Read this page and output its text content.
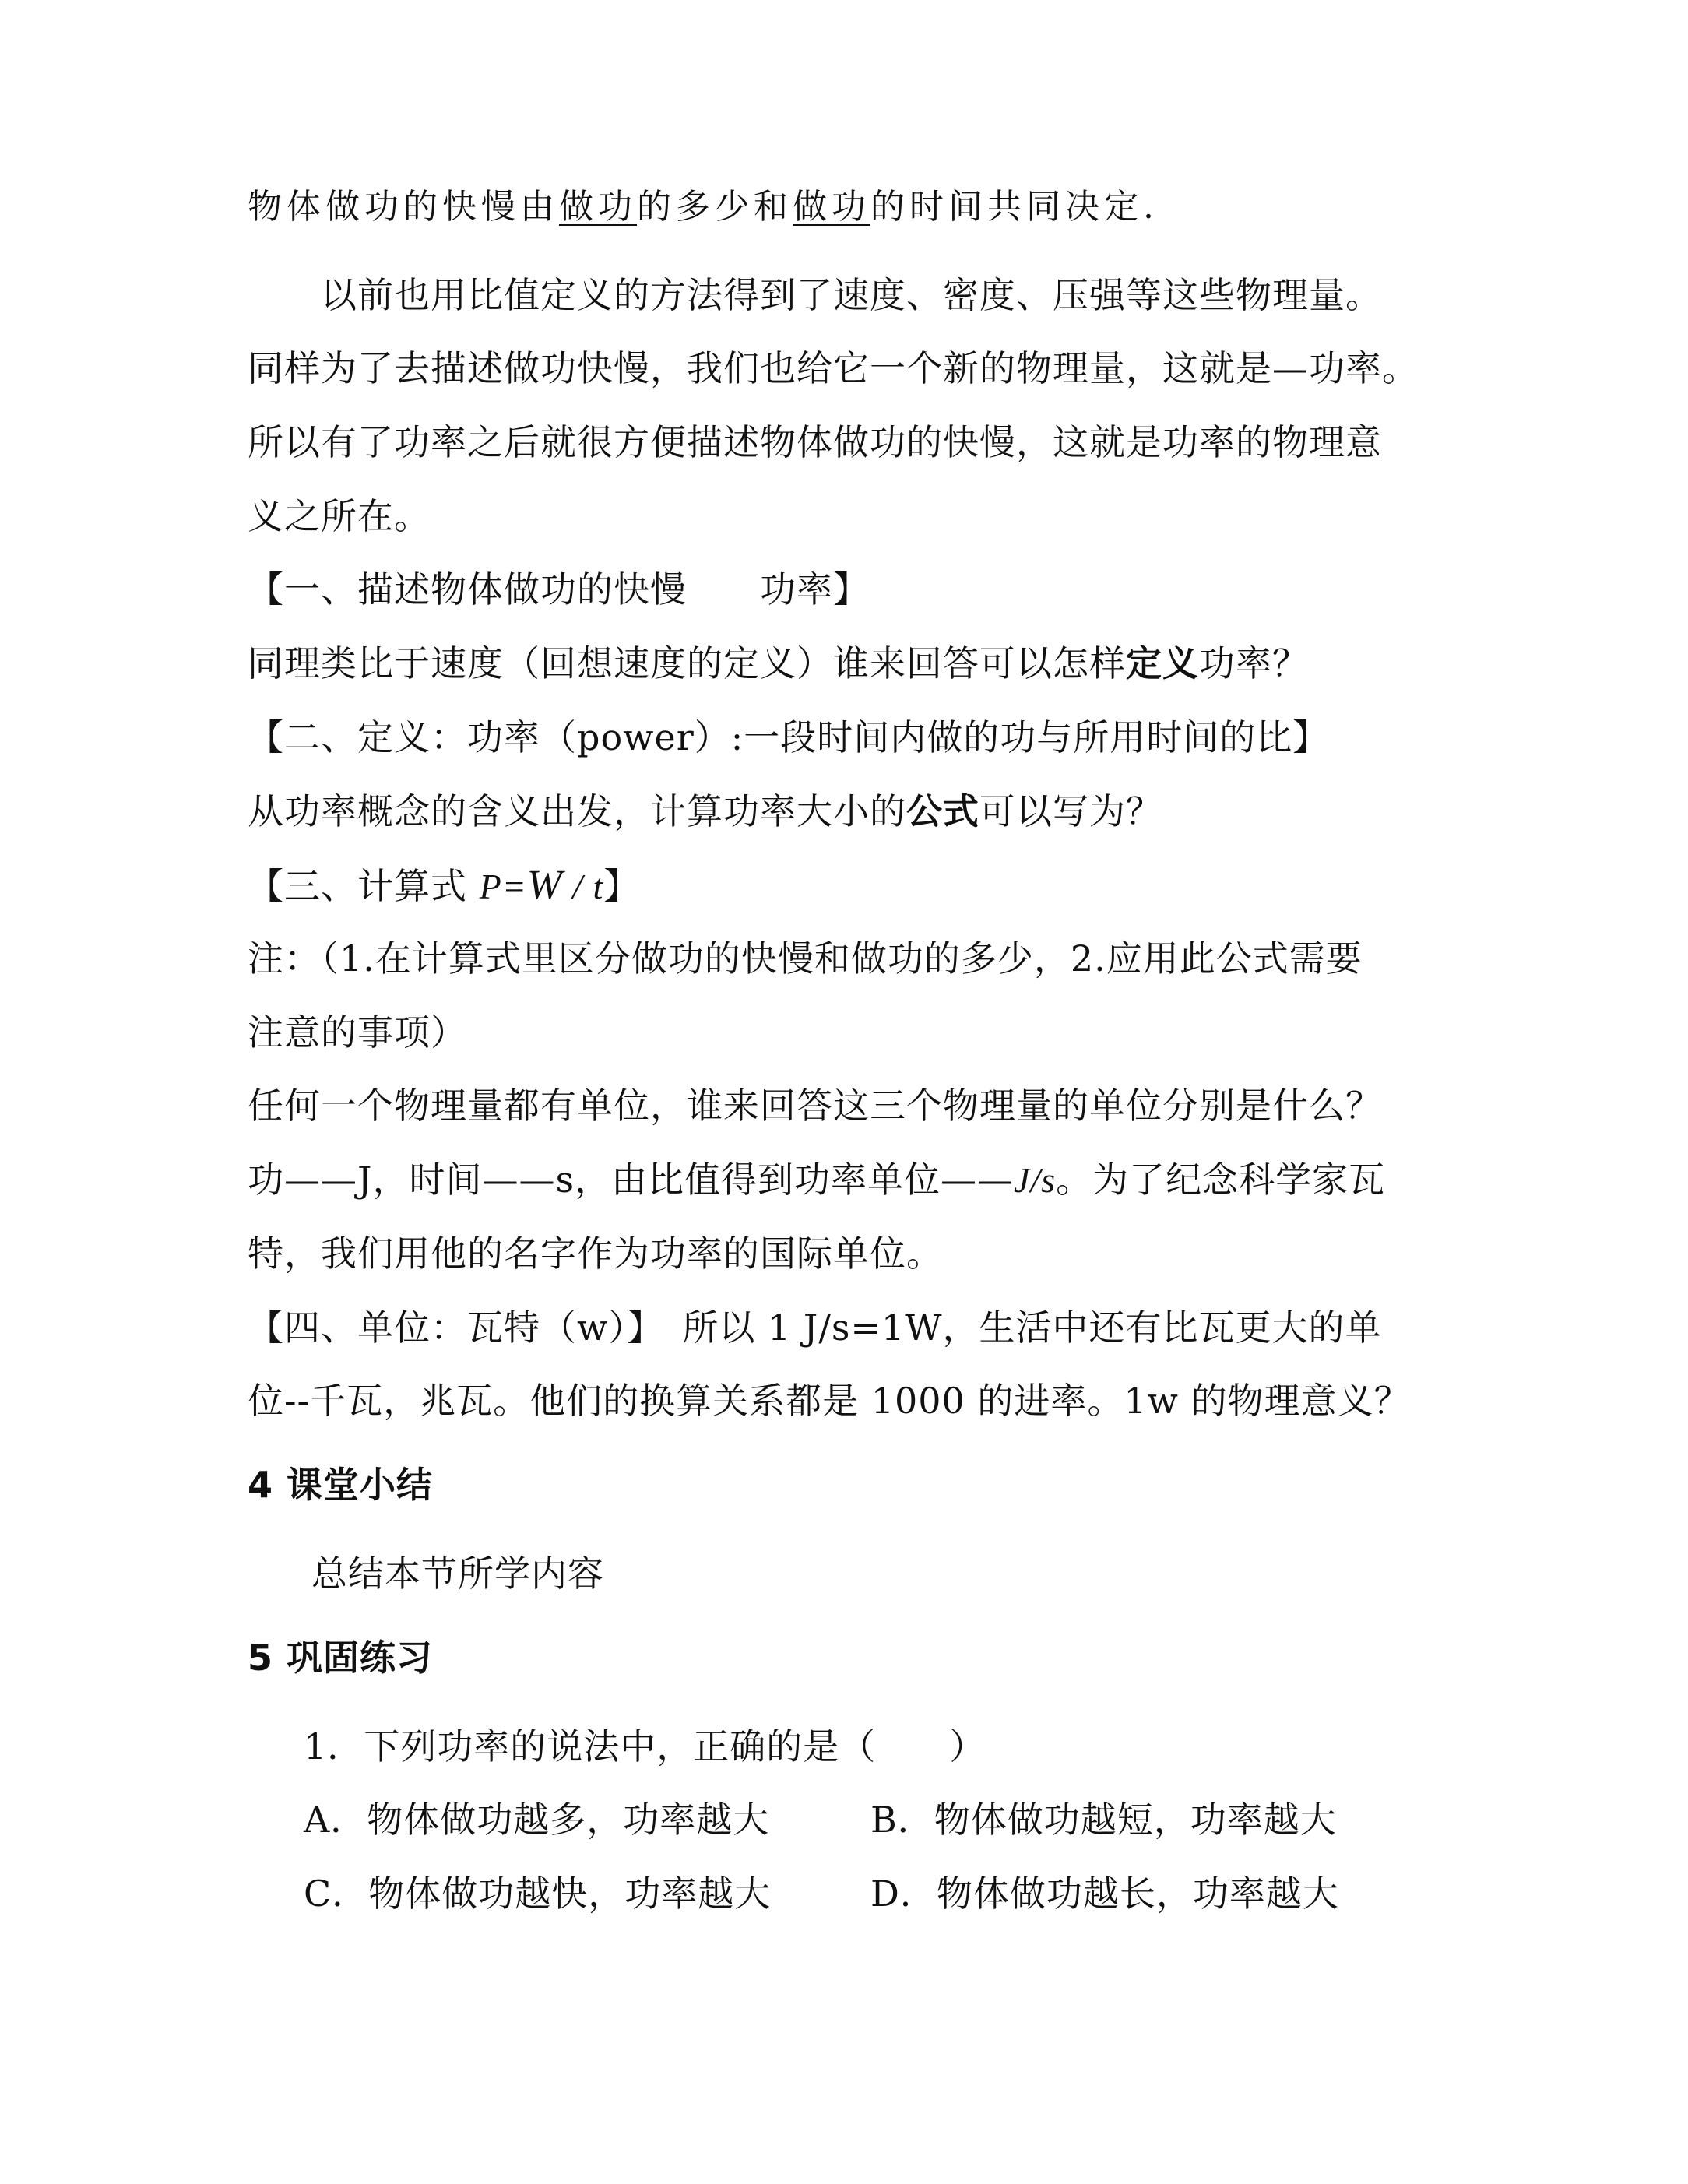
物体做功的快慢由做功的多少和做功的时间共同决定.
以前也用比值定义的方法得到了速度、密度、压强等这些物理量。
同样为了去描述做功快慢，我们也给它一个新的物理量，这就是—功率。
所以有了功率之后就很方便描述物体做功的快慢，这就是功率的物理意
义之所在。
【一、描述物体做功的快慢　　功率】
同理类比于速度（回想速度的定义）谁来回答可以怎样定义功率？
【二、定义：功率（power）:一段时间内做的功与所用时间的比】
从功率概念的含义出发，计算功率大小的公式可以写为？
【三、计算式 P=W / t】
注：（1.在计算式里区分做功的快慢和做功的多少，2.应用此公式需要
注意的事项）
任何一个物理量都有单位，谁来回答这三个物理量的单位分别是什么？
功——J，时间——s，由比值得到功率单位——J/s。为了纪念科学家瓦
特，我们用他的名字作为功率的国际单位。
【四、单位：瓦特（w）】　所以 1 J/s=1W，生活中还有比瓦更大的单
位--千瓦，兆瓦。他们的换算关系都是 1000 的进率。1w 的物理意义？
4 课堂小结
总结本节所学内容
5 巩固练习
1．下列功率的说法中，正确的是（　　）
A．物体做功越多，功率越大	B．物体做功越短，功率越大
C．物体做功越快，功率越大	D．物体做功越长，功率越大
